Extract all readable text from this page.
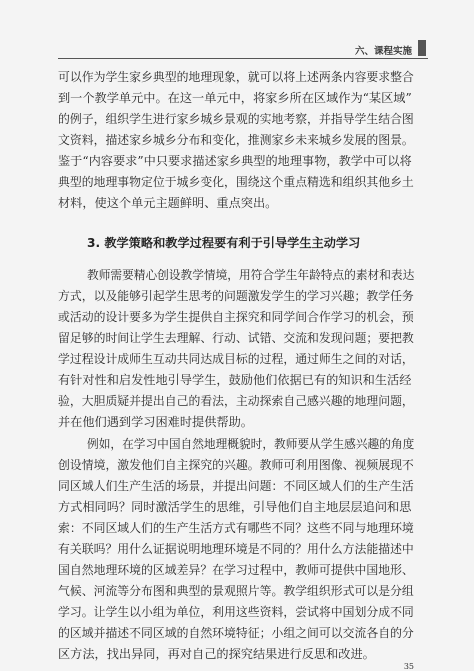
六、课程实施
可以作为学生家乡典型的地理现象，就可以将上述两条内容要求整合
到一个教学单元中。在这一单元中，将家乡所在区域作为“某区域”
的例子，组织学生进行家乡城乡景观的实地考察，并指导学生结合图
文资料，描述家乡城乡分布和变化，推测家乡未来城乡发展的图景。
鉴于“内容要求”中只要求描述家乡典型的地理事物，教学中可以将
典型的地理事物定位于城乡变化，围绕这个重点精选和组织其他乡土
材料，使这个单元主题鲜明、重点突出。
3. 教学策略和教学过程要有利于引导学生主动学习
教师需要精心创设教学情境，用符合学生年龄特点的素材和表达
方式，以及能够引起学生思考的问题激发学生的学习兴趣；教学任务
或活动的设计要多为学生提供自主探究和同学间合作学习的机会，预
留足够的时间让学生去理解、行动、试错、交流和发现问题；要把教
学过程设计成师生互动共同达成目标的过程，通过师生之间的对话，
有针对性和启发性地引导学生，鼓励他们依据已有的知识和生活经
验，大胆质疑并提出自己的看法，主动探索自己感兴趣的地理问题，
并在他们遇到学习困难时提供帮助。
例如，在学习中国自然地理概貌时，教师要从学生感兴趣的角度
创设情境，激发他们自主探究的兴趣。教师可利用图像、视频展现不
同区域人们生产生活的场景，并提出问题：不同区域人们的生产生活
方式相同吗？同时激活学生的思维，引导他们自主地层层追问和思
索：不同区域人们的生产生活方式有哪些不同？这些不同与地理环境
有关联吗？用什么证据说明地理环境是不同的？用什么方法能描述中
国自然地理环境的区域差异？在学习过程中，教师可提供中国地形、
气候、河流等分布图和典型的景观照片等。教学组织形式可以是分组
学习。让学生以小组为单位，利用这些资料，尝试将中国划分成不同
的区域并描述不同区域的自然环境特征；小组之间可以交流各自的分
区方法，找出异同，再对自己的探究结果进行反思和改进。
35
